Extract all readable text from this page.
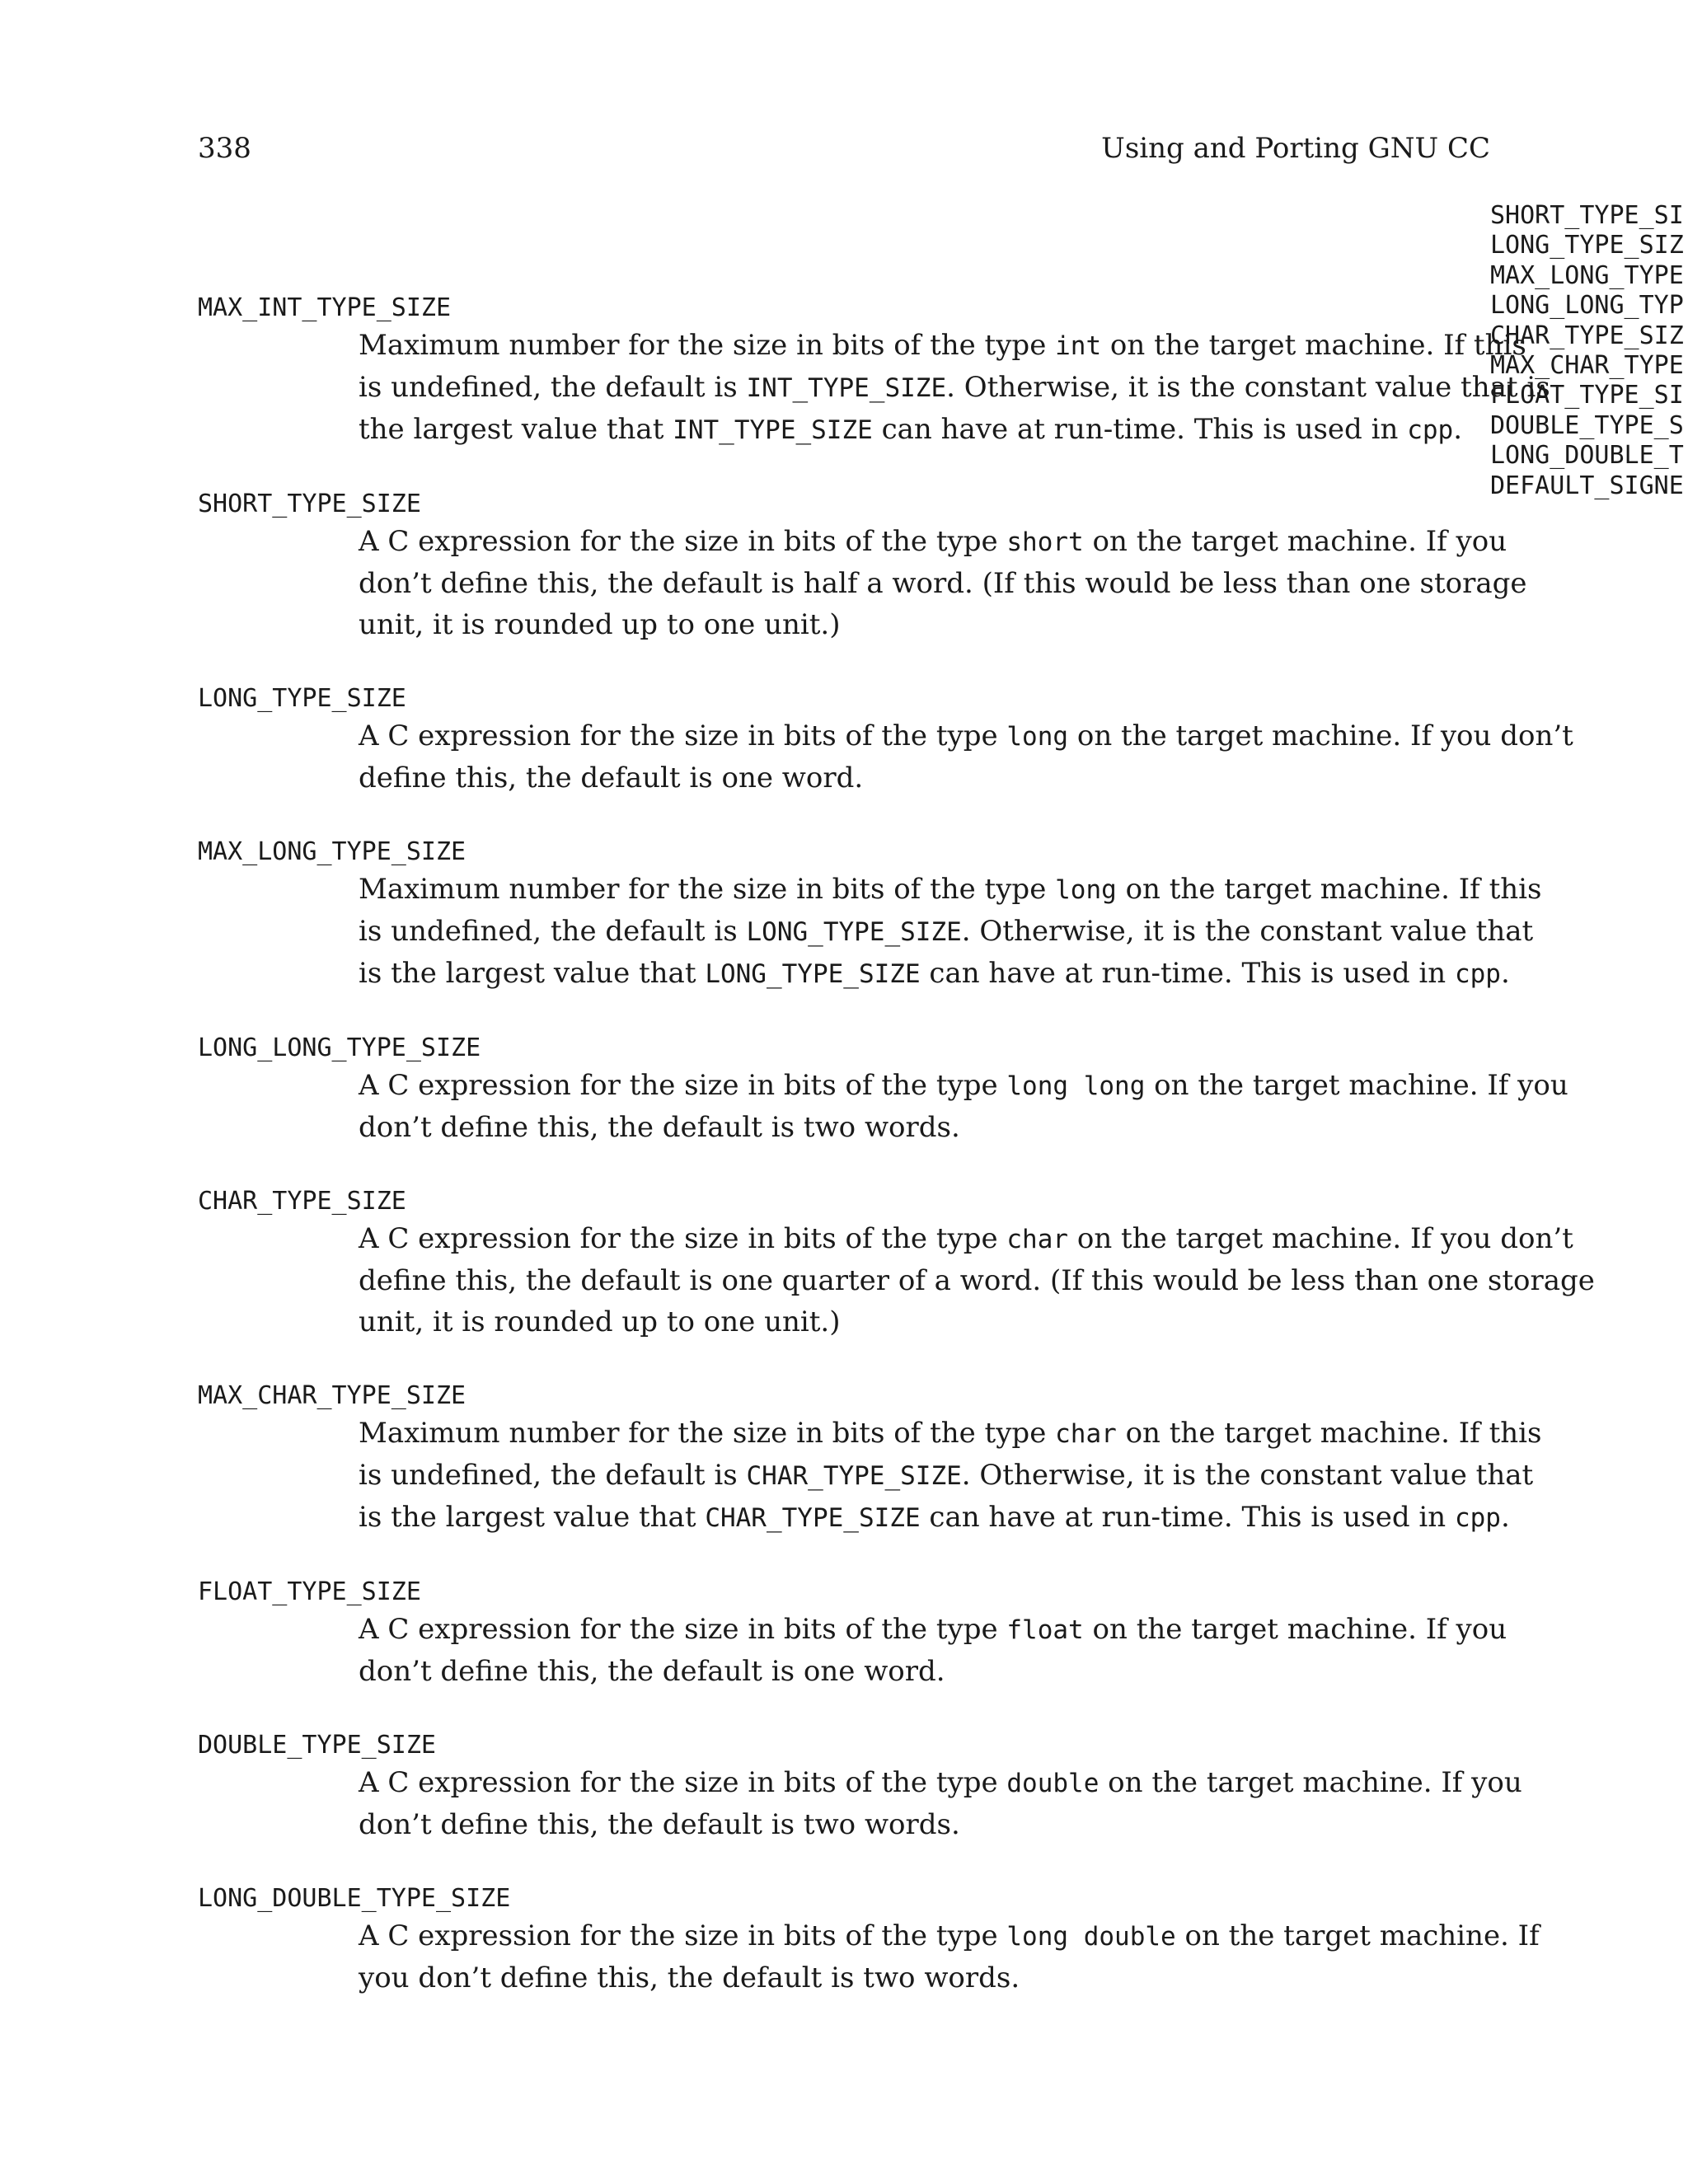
338	Using and Porting GNU CC
SHORT_TYPE_SI
LONG_TYPE_SIZ
MAX_LONG_TYPE
LONG_LONG_TYP
CHAR_TYPE_SIZ
MAX_CHAR_TYPE
FLOAT_TYPE_SI
DOUBLE_TYPE_S
LONG_DOUBLE_T
DEFAULT_SIGNE
MAX_INT_TYPE_SIZE
Maximum number for the size in bits of the type int on the target machine. If this is undefined, the default is INT_TYPE_SIZE. Otherwise, it is the constant value that is the largest value that INT_TYPE_SIZE can have at run-time. This is used in cpp.
SHORT_TYPE_SIZE
A C expression for the size in bits of the type short on the target machine. If you don’t define this, the default is half a word. (If this would be less than one storage unit, it is rounded up to one unit.)
LONG_TYPE_SIZE
A C expression for the size in bits of the type long on the target machine. If you don’t define this, the default is one word.
MAX_LONG_TYPE_SIZE
Maximum number for the size in bits of the type long on the target machine. If this is undefined, the default is LONG_TYPE_SIZE. Otherwise, it is the constant value that is the largest value that LONG_TYPE_SIZE can have at run-time. This is used in cpp.
LONG_LONG_TYPE_SIZE
A C expression for the size in bits of the type long long on the target machine. If you don’t define this, the default is two words.
CHAR_TYPE_SIZE
A C expression for the size in bits of the type char on the target machine. If you don’t define this, the default is one quarter of a word. (If this would be less than one storage unit, it is rounded up to one unit.)
MAX_CHAR_TYPE_SIZE
Maximum number for the size in bits of the type char on the target machine. If this is undefined, the default is CHAR_TYPE_SIZE. Otherwise, it is the constant value that is the largest value that CHAR_TYPE_SIZE can have at run-time. This is used in cpp.
FLOAT_TYPE_SIZE
A C expression for the size in bits of the type float on the target machine. If you don’t define this, the default is one word.
DOUBLE_TYPE_SIZE
A C expression for the size in bits of the type double on the target machine. If you don’t define this, the default is two words.
LONG_DOUBLE_TYPE_SIZE
A C expression for the size in bits of the type long double on the target machine. If you don’t define this, the default is two words.
